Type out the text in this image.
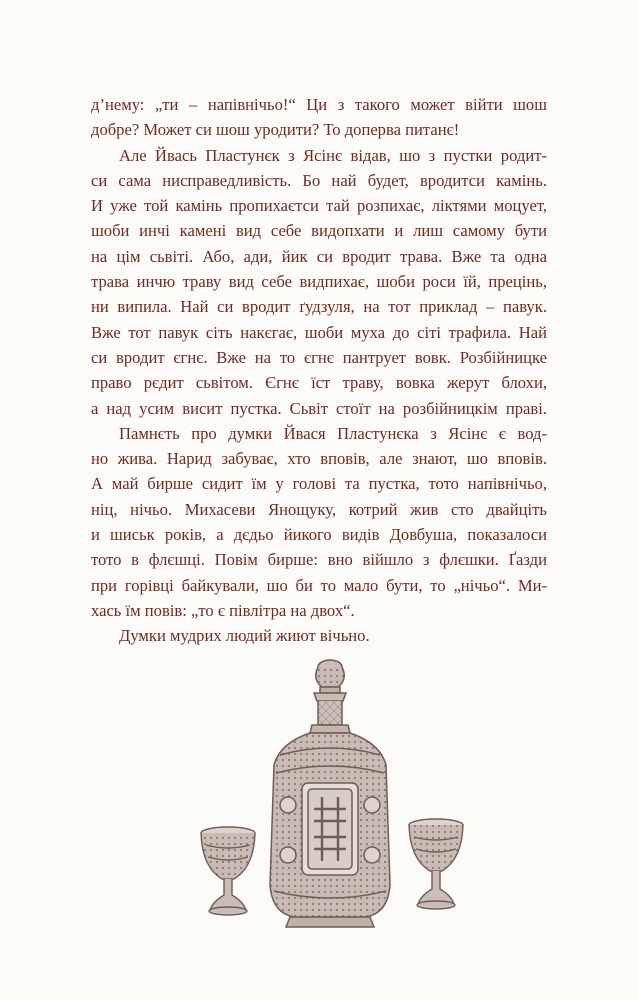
д’нему: „ти – напівнічьо!“ Ци з такого может війти шош
добре? Может си шош уродити? То доперва питанє!
Але Йвась Пластунєк з Ясінє відав, шо з пустки родит-
си сама нисправедливість. Бо най будет, вродитси камінь.
И уже той камінь пропихаєтси тай розпихає, ліктями моцует,
шоби инчі камені вид себе видопхати и лиш самому бути
на цім сьвіті. Або, ади, йик си вродит трава. Вже та одна
трава инчю траву вид себе видпихає, шоби роси їй, прецінь,
ни випила. Най си вродит ґудзуля, на тот приклад – павук.
Вже тот павук сіть накєгає, шоби муха до сіті трафила. Най
си вродит єгнє. Вже на то єгнє пантрует вовк. Розбійницке
право рєдит сьвітом. Єгнє їст траву, вовка жерут блохи,
а над усим висит пустка. Сьвіт стоїт на розбійницкім праві.
Памнєть про думки Йвася Пластунєка з Ясінє є вод-
но жива. Нарид забуває, хто вповів, але знают, шо вповів.
А май бирше сидит їм у голові та пустка, тото напівнічьо,
ніц, нічьо. Михасеви Янощуку, котрий жив сто двайціть
и шиськ років, а дєдьо йикого видів Довбуша, показалоси
тото в флєшці. Повім бирше: вно війшло з флєшки. Ґазди
при горівці байкували, шо би то мало бути, то „нічьо“. Ми-
хась їм повів: „то є півлітра на двох“.
Думки мудрих людий жиют вічьно.
